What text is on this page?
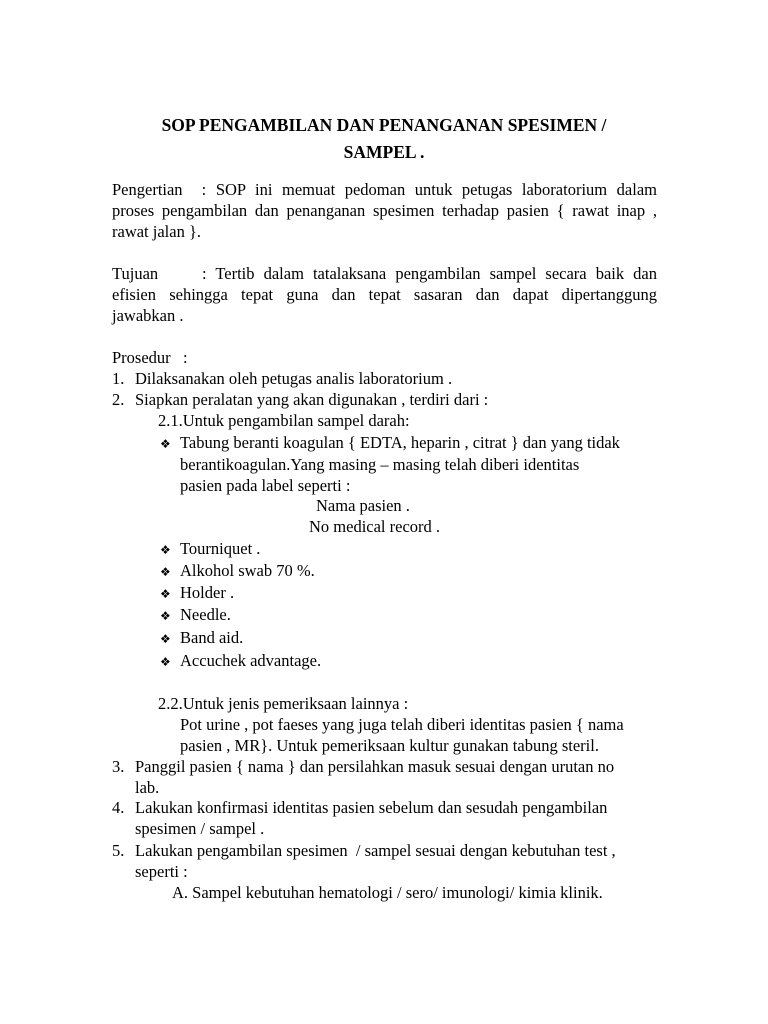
SOP PENGAMBILAN DAN PENANGANAN SPESIMEN /
SAMPEL .
Pengertian  : SOP ini memuat pedoman untuk petugas laboratorium dalam
proses pengambilan dan penanganan spesimen terhadap pasien { rawat inap ,
rawat jalan }.
Tujuan	: Tertib dalam tatalaksana pengambilan sampel secara baik dan
efisien sehingga tepat guna dan tepat sasaran dan dapat dipertanggung
jawabkan .
Prosedur   :
1. Dilaksanakan oleh petugas analis laboratorium .
2. Siapkan peralatan yang akan digunakan , terdiri dari :
2.1.Untuk pengambilan sampel darah:
❖ Tabung beranti koagulan { EDTA, heparin , citrat } dan yang tidak
berantikoagulan.Yang masing – masing telah diberi identitas
pasien pada label seperti :
Nama pasien .
No medical record .
❖ Tourniquet .
❖ Alkohol swab 70 %.
❖ Holder .
❖ Needle.
❖ Band aid.
❖ Accuchek advantage.
2.2.Untuk jenis pemeriksaan lainnya :
Pot urine , pot faeses yang juga telah diberi identitas pasien { nama
pasien , MR}. Untuk pemeriksaan kultur gunakan tabung steril.
3. Panggil pasien { nama } dan persilahkan masuk sesuai dengan urutan no
lab.
4. Lakukan konfirmasi identitas pasien sebelum dan sesudah pengambilan
spesimen / sampel .
5. Lakukan pengambilan spesimen  / sampel sesuai dengan kebutuhan test ,
seperti :
A. Sampel kebutuhan hematologi / sero/ imunologi/ kimia klinik.
